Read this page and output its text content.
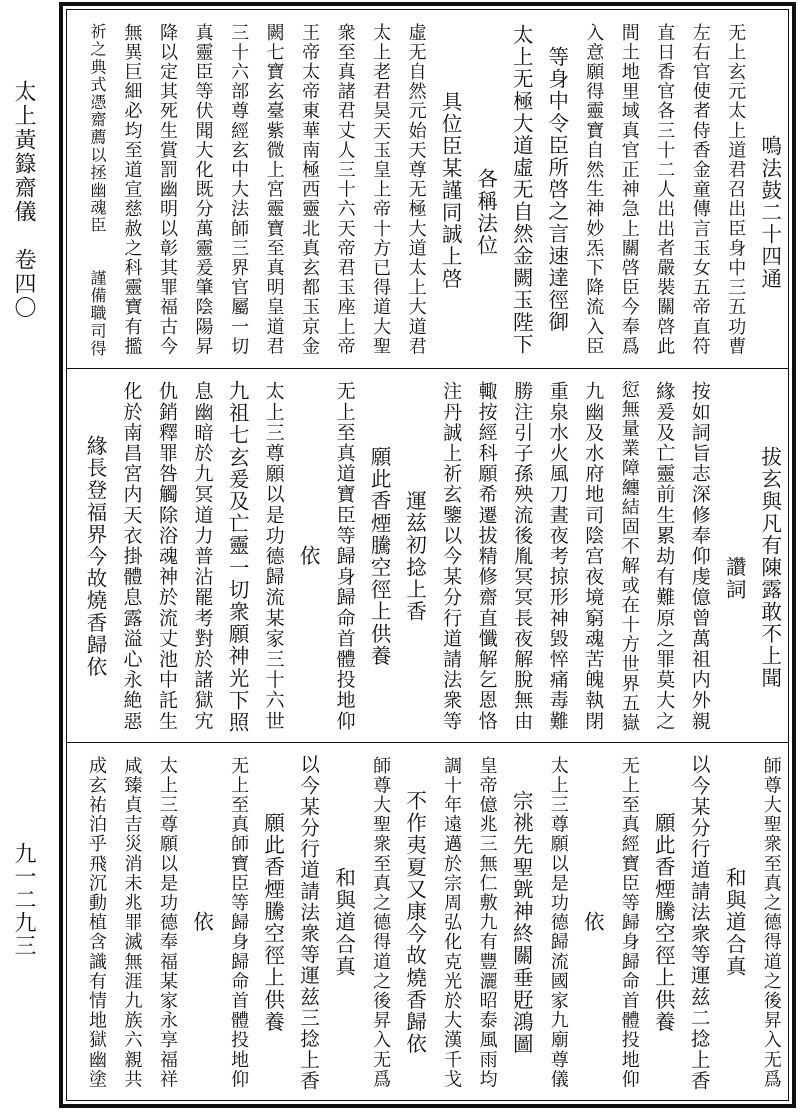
太上黃籙齋儀　卷四〇
九一二九三
　　鳴法鼓二十四通
无上玄元太上道君召出臣身中三五功曹
左右官使者侍香金童傳言玉女五帝直符
直日香官各三十二人出出者嚴裝關啓此
間土地里域真官正神急上關啓臣今奉爲
入意願得靈寶自然生神妙炁下降流入臣
等身中令臣所啓之言速達徑御
太上无極大道虛无自然金闕玉陛下
　　各稱法位
具位臣某謹同誠上啓
虛无自然元始天尊无極大道太上大道君
太上老君昊天玉皇上帝十方已得道大聖
衆至真諸君丈人三十六天帝君玉座上帝
王帝太帝東華南極西靈北真玄都玉京金
闕七寶玄臺紫微上宮靈寶至真明皇道君
三十六部尊經玄中大法師三界官屬一切
真靈臣等伏聞大化既分萬靈爰肇陰陽昇
降以定其死生賞罰幽明以彰其罪福古今
無異巨細必均至道宣慈赦之科靈寶有㩜
祈之典式憑齋薦以拯幽魂臣　　謹備職司得
　拔玄與凡有陳露敢不上聞
　　讚詞
按如詞旨志深修奉仰虔億曾萬祖内外親
緣爰及亡靈前生累劫有難原之罪莫大之
愆無量業障纏結固不解或在十方世界五嶽
九幽及水府地司陰宫夜境窮魂苦魄執閉
重泉水火風刀晝夜考掠形神毀悴痛毒難
勝注引子孫殃流後胤冥冥長夜解脫無由
輙按經科願希遷拔精修齋直懺解乞恩恪
注丹誠上祈玄鑒以今某分行道請法衆等
運兹初捻上香
願此香煙騰空徑上供養
无上至真道寶臣等歸身歸命首體投地仰
依
太上三尊願以是功德歸流某家三十六世
九祖七玄爰及亡靈一切衆願神光下照
息幽暗於九冥道力普沾罷考對於諸獄宄
仇銷釋罪咎觸除浴魂神於流丈池中託生
化於南昌宮内天衣掛體息露溢心永絶惡
緣長登福界今故燒香歸依
師尊大聖衆至真之德得道之後昇入无爲
和與道合真
以今某分行道請法衆等運兹二捻上香
願此香煙騰空徑上供養
无上至真經寶臣等歸身歸命首體投地仰
依
太上三尊願以是功德歸流國家九廟尊儀
宗祧先聖皝神終關垂覎鴻圖
皇帝億兆三無仁敷九有豐灑昭泰風雨均
調十年遠邁於宗周弘化克光於大漢千戈
不作夷夏又康今故燒香歸依
師尊大聖衆至真之德得道之後昇入无爲
和與道合真
以今某分行道請法衆等運兹三捻上香
願此香煙騰空徑上供養
无上至真師寶臣等歸身歸命首體投地仰
依
太上三尊願以是功德奉福某家永享福祥
咸臻貞吉災消未兆罪滅無涯九族六親共
成玄祐泊乎飛沉動植含識有情地獄幽塗
